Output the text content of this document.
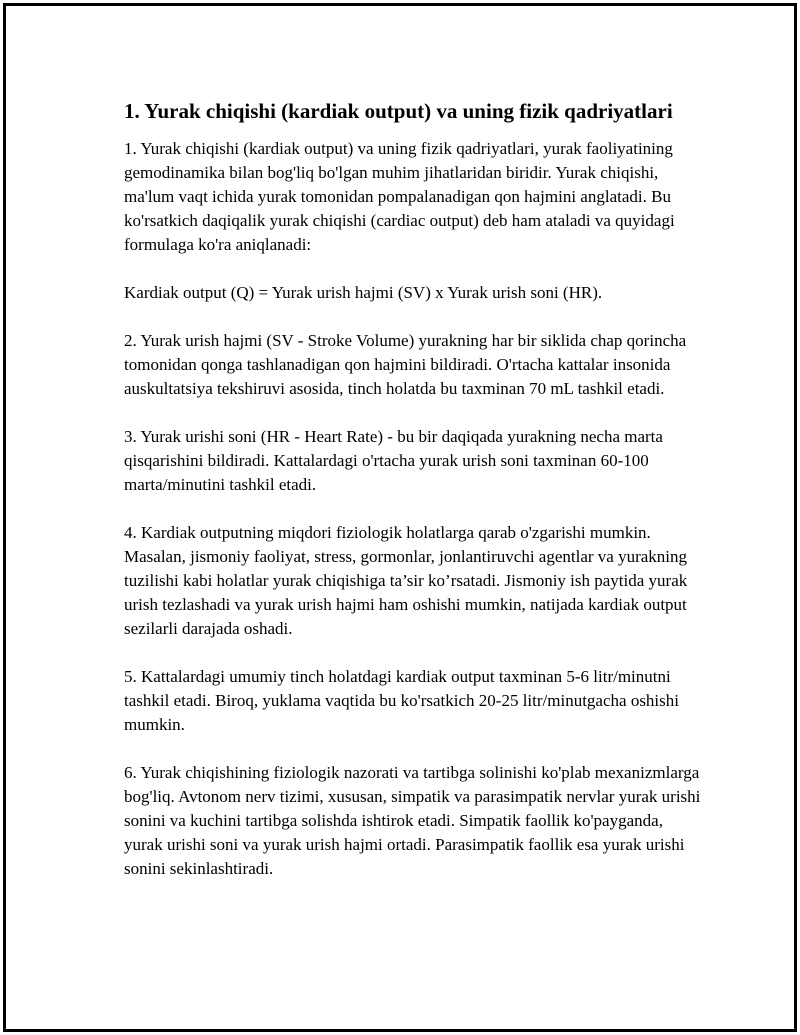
1. Yurak chiqishi (kardiak output) va uning fizik qadriyatlari

1. Yurak chiqishi (kardiak output) va uning fizik qadriyatlari, yurak faoliyatining gemodinamika bilan bog'liq bo'lgan muhim jihatlaridan biridir. Yurak chiqishi, ma'lum vaqt ichida yurak tomonidan pompalanadigan qon hajmini anglatadi. Bu ko'rsatkich daqiqalik yurak chiqishi (cardiac output) deb ham ataladi va quyidagi formulaga ko'ra aniqlanadi:

Kardiak output (Q) = Yurak urish hajmi (SV) x Yurak urish soni (HR).

2. Yurak urish hajmi (SV - Stroke Volume) yurakning har bir siklida chap qorincha tomonidan qonga tashlanadigan qon hajmini bildiradi. O'rtacha kattalar insonida auskultatsiya tekshiruvi asosida, tinch holatda bu taxminan 70 mL tashkil etadi.

3. Yurak urishi soni (HR - Heart Rate) - bu bir daqiqada yurakning necha marta qisqarishini bildiradi. Kattalardagi o'rtacha yurak urish soni taxminan 60-100 marta/minutini tashkil etadi.

4. Kardiak outputning miqdori fiziologik holatlarga qarab o'zgarishi mumkin. Masalan, jismoniy faoliyat, stress, gormonlar, jonlantiruvchi agentlar va yurakning tuzilishi kabi holatlar yurak chiqishiga ta’sir ko’rsatadi. Jismoniy ish paytida yurak urish tezlashadi va yurak urish hajmi ham oshishi mumkin, natijada kardiak output sezilarli darajada oshadi.

5. Kattalardagi umumiy tinch holatdagi kardiak output taxminan 5-6 litr/minutni tashkil etadi. Biroq, yuklama vaqtida bu ko'rsatkich 20-25 litr/minutgacha oshishi mumkin.

6. Yurak chiqishining fiziologik nazorati va tartibga solinishi ko'plab mexanizmlarga bog'liq. Avtonom nerv tizimi, xususan, simpatik va parasimpatik nervlar yurak urishi sonini va kuchini tartibga solishda ishtirok etadi. Simpatik faollik ko'payganda, yurak urishi soni va yurak urish hajmi ortadi. Parasimpatik faollik esa yurak urishi sonini sekinlashtiradi.
